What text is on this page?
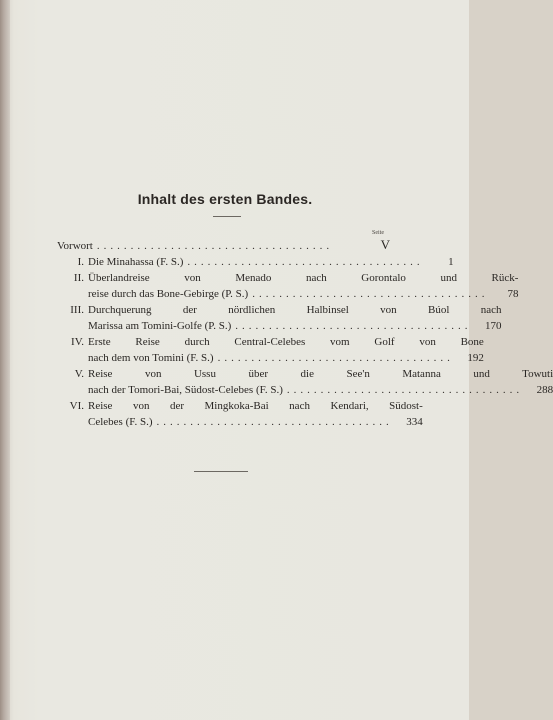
Inhalt des ersten Bandes.
Seite
Vorwort ...................................	V
I. Die Minahassa (F. S.) ...................................	1
II. Überlandreise von Menado nach Gorontalo und Rück-
reise durch das Bone-Gebirge (P. S.) ...................................	78
III. Durchquerung der nördlichen Halbinsel von Búol nach
Marissa am Tomini-Golfe (P. S.) ...................................	170
IV. Erste Reise durch Central-Celebes vom Golf von Bone
nach dem von Tomini (F. S.) ...................................	192
V. Reise von Ussu über die See'n Matanna und Towuti
nach der Tomori-Bai, Südost-Celebes (F. S.) ...................................	288
VI. Reise von der Mingkoka-Bai nach Kendari, Südost-
Celebes (F. S.) ...................................	334
